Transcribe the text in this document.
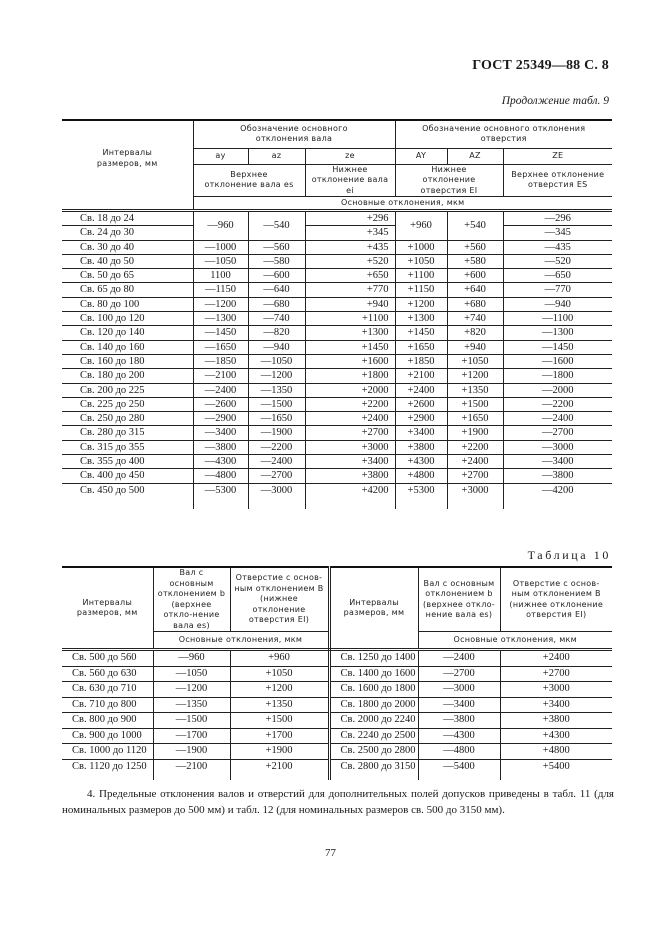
ГОСТ 25349—88 С. 8
Продолжение табл. 9
Интервалы размеров, мм	Обозначение основного отклонения вала			Обозначение основного отклонения отверстия		
	ay	az	ze	AY	AZ	ZE
	Верхнее отклонение вала es		Нижнее отклонение вала ei	Нижнее отклонение отверстия EI		Верхнее отклонение отверстия ES
	Основные отклонения, мкм					
Св. 18 до 24	—960	—540	+296	+960	+540	—296
Св. 24 до 30			+345			—345
Св. 30 до 40	—1000	—560	+435	+1000	+560	—435
Св. 40 до 50	—1050	—580	+520	+1050	+580	—520
Св. 50 до 65	1100	—600	+650	+1100	+600	—650
Св. 65 до 80	—1150	—640	+770	+1150	+640	—770
Св. 80 до 100	—1200	—680	+940	+1200	+680	—940
Св. 100 до 120	—1300	—740	+1100	+1300	+740	—1100
Св. 120 до 140	—1450	—820	+1300	+1450	+820	—1300
Св. 140 до 160	—1650	—940	+1450	+1650	+940	—1450
Св. 160 до 180	—1850	—1050	+1600	+1850	+1050	—1600
Св. 180 до 200	—2100	—1200	+1800	+2100	+1200	—1800
Св. 200 до 225	—2400	—1350	+2000	+2400	+1350	—2000
Св. 225 до 250	—2600	—1500	+2200	+2600	+1500	—2200
Св. 250 до 280	—2900	—1650	+2400	+2900	+1650	—2400
Св. 280 до 315	—3400	—1900	+2700	+3400	+1900	—2700
Св. 315 до 355	—3800	—2200	+3000	+3800	+2200	—3000
Св. 355 до 400	—4300	—2400	+3400	+4300	+2400	—3400
Св. 400 до 450	—4800	—2700	+3800	+4800	+2700	—3800
Св. 450 до 500	—5300	—3000	+4200	+5300	+3000	—4200

Таблица 10
Интервалы размеров, мм	Вал с основным отклонением b (верхнее откло-нение вала es)	Отверстие с основ-ным отклонением B (нижнее отклонение отверстия EI)	Интервалы размеров, мм	Вал с основным отклонением b (верхнее откло-нение вала es)	Отверстие с основ-ным отклонением B (нижнее отклонение отверстия EI)
	Основные отклонения, мкм			Основные отклонения, мкм	
Св. 500 до 560	—960	+960	Св. 1250 до 1400	—2400	+2400
Св. 560 до 630	—1050	+1050	Св. 1400 до 1600	—2700	+2700
Св. 630 до 710	—1200	+1200	Св. 1600 до 1800	—3000	+3000
Св. 710 до 800	—1350	+1350	Св. 1800 до 2000	—3400	+3400
Св. 800 до 900	—1500	+1500	Св. 2000 до 2240	—3800	+3800
Св. 900 до 1000	—1700	+1700	Св. 2240 до 2500	—4300	+4300
Св. 1000 до 1120	—1900	+1900	Св. 2500 до 2800	—4800	+4800
Св. 1120 до 1250	—2100	+2100	Св. 2800 до 3150	—5400	+5400

4. Предельные отклонения валов и отверстий для дополнительных полей допусков приведены в табл. 11 (для номинальных размеров до 500 мм) и табл. 12 (для номинальных размеров св. 500 до 3150 мм).
77
